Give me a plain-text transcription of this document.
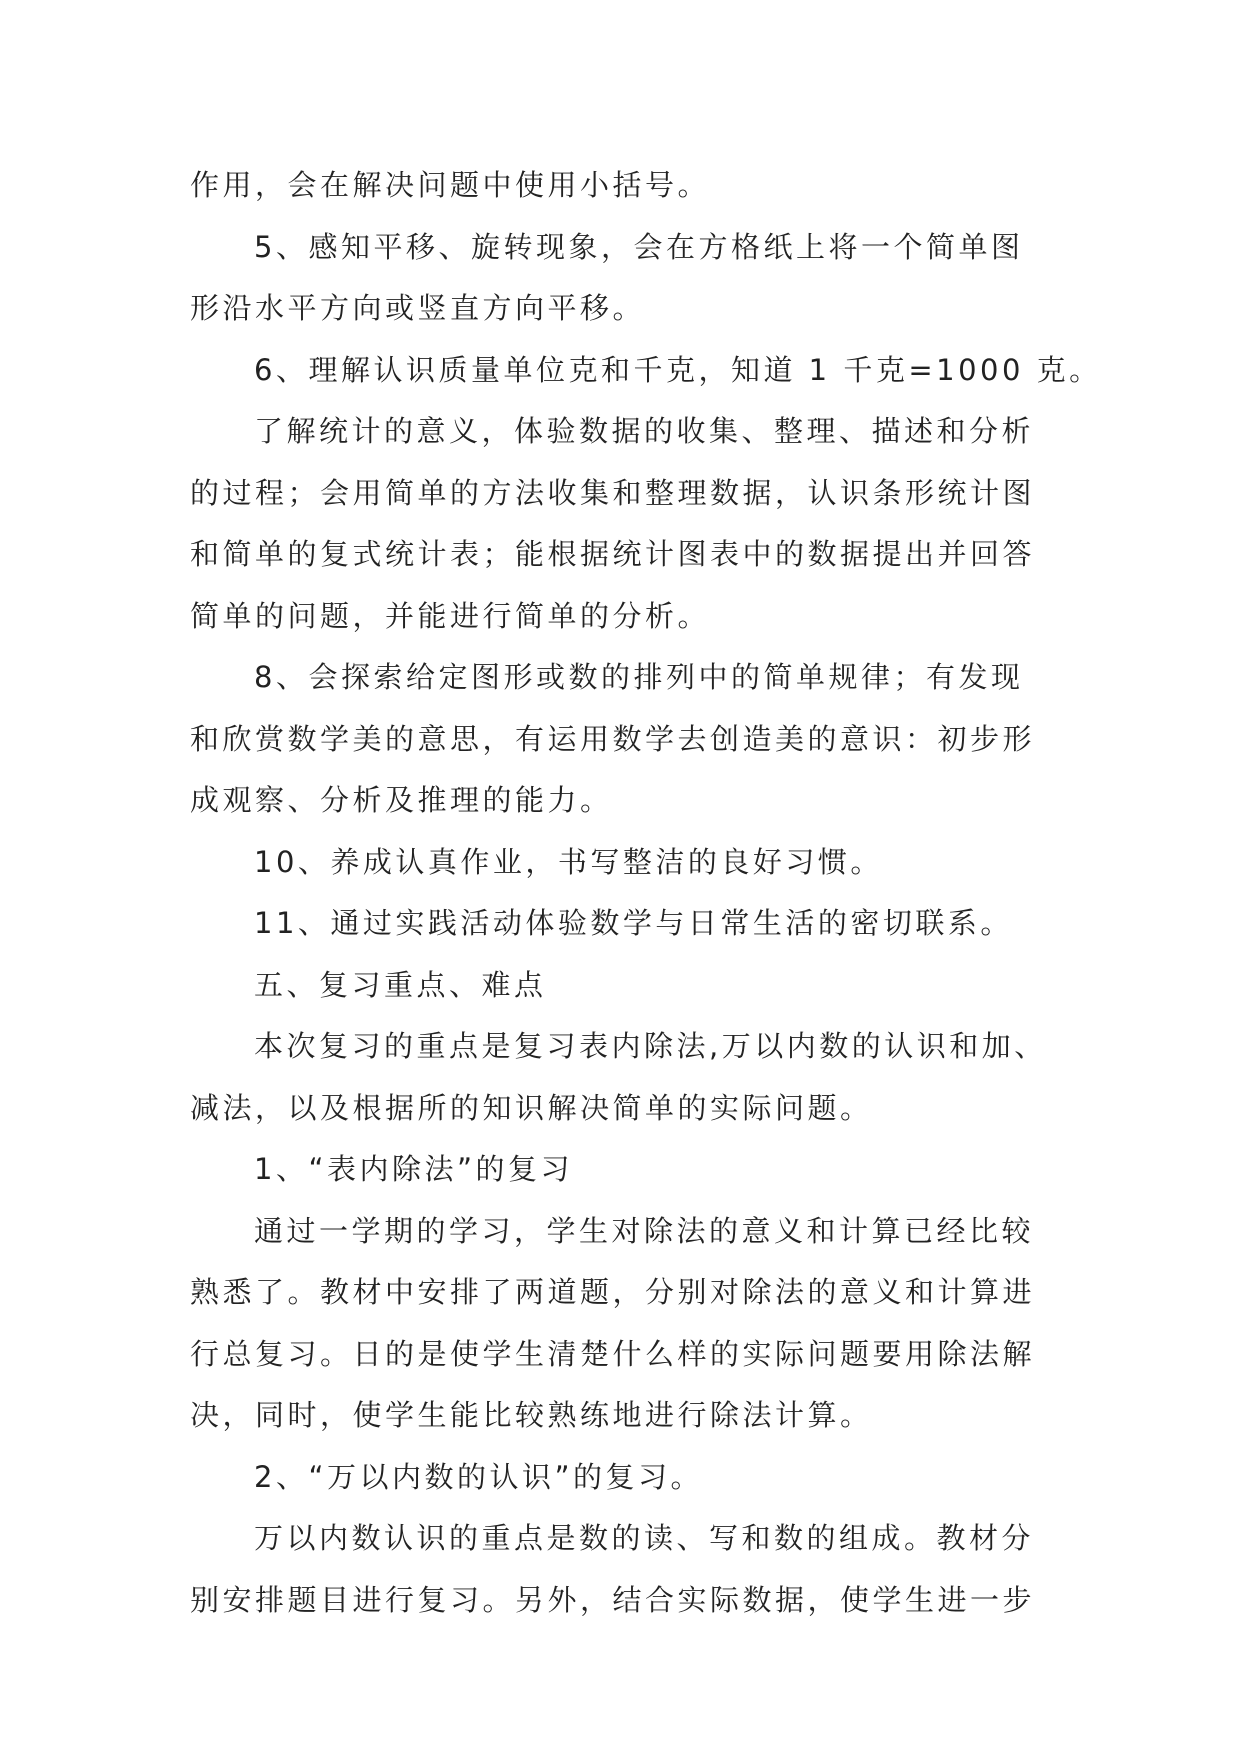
作用，会在解决问题中使用小括号。
5、感知平移、旋转现象，会在方格纸上将一个简单图
形沿水平方向或竖直方向平移。
6、理解认识质量单位克和千克，知道 1 千克=1000 克。
了解统计的意义，体验数据的收集、整理、描述和分析
的过程；会用简单的方法收集和整理数据，认识条形统计图
和简单的复式统计表；能根据统计图表中的数据提出并回答
简单的问题，并能进行简单的分析。
8、会探索给定图形或数的排列中的简单规律；有发现
和欣赏数学美的意思，有运用数学去创造美的意识：初步形
成观察、分析及推理的能力。
10、养成认真作业，书写整洁的良好习惯。
11、通过实践活动体验数学与日常生活的密切联系。
五、复习重点、难点
本次复习的重点是复习表内除法,万以内数的认识和加、
减法，以及根据所的知识解决简单的实际问题。
1、“表内除法”的复习
通过一学期的学习，学生对除法的意义和计算已经比较
熟悉了。教材中安排了两道题，分别对除法的意义和计算进
行总复习。日的是使学生清楚什么样的实际问题要用除法解
决，同时，使学生能比较熟练地进行除法计算。
2、“万以内数的认识”的复习。
万以内数认识的重点是数的读、写和数的组成。教材分
别安排题目进行复习。另外，结合实际数据，使学生进一步
